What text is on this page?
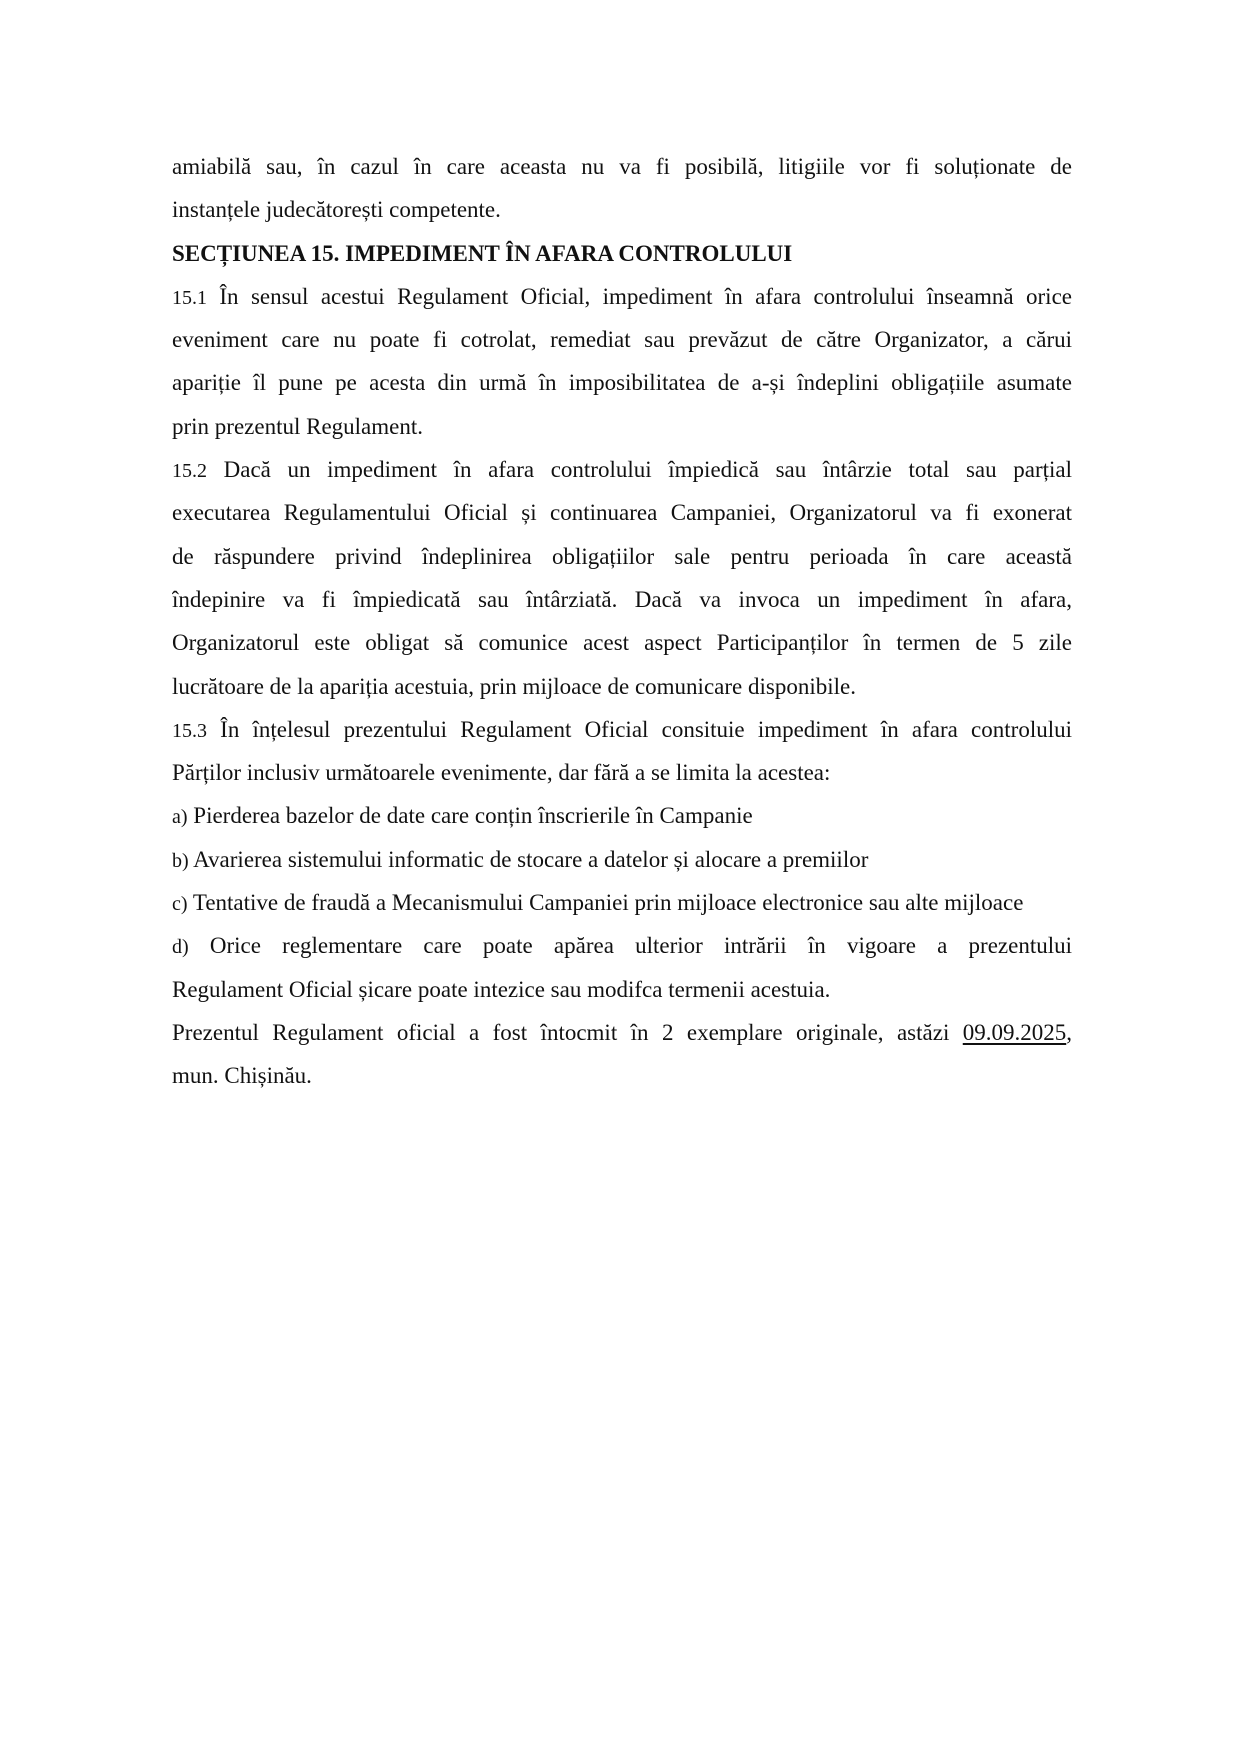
amiabilă sau, în cazul în care aceasta nu va fi posibilă, litigiile vor fi soluționate de
instanțele judecătorești competente.
SECȚIUNEA 15. IMPEDIMENT ÎN AFARA CONTROLULUI
15.1 În sensul acestui Regulament Oficial, impediment în afara controlului înseamnă orice
eveniment care nu poate fi cotrolat, remediat sau prevăzut de către Organizator, a cărui
apariție îl pune pe acesta din urmă în imposibilitatea de a-și îndeplini obligațiile asumate
prin prezentul Regulament.
15.2 Dacă un impediment în afara controlului împiedică sau întârzie total sau parțial
executarea Regulamentului Oficial și continuarea Campaniei, Organizatorul va fi exonerat
de răspundere privind îndeplinirea obligațiilor sale pentru perioada în care această
îndepinire va fi împiedicată sau întârziată. Dacă va invoca un impediment în afara,
Organizatorul este obligat să comunice acest aspect Participanților în termen de 5 zile
lucrătoare de la apariția acestuia, prin mijloace de comunicare disponibile.
15.3 În înțelesul prezentului Regulament Oficial consituie impediment în afara controlului
Părților inclusiv următoarele evenimente, dar fără a se limita la acestea:
a) Pierderea bazelor de date care conțin înscrierile în Campanie
b) Avarierea sistemului informatic de stocare a datelor și alocare a premiilor
c) Tentative de fraudă a Mecanismului Campaniei prin mijloace electronice sau alte mijloace
d) Orice reglementare care poate apărea ulterior intrării în vigoare a prezentului
Regulament Oficial șicare poate intezice sau modifca termenii acestuia.
Prezentul Regulament oficial a fost întocmit în 2 exemplare originale, astăzi 09.09.2025,
mun. Chișinău.
